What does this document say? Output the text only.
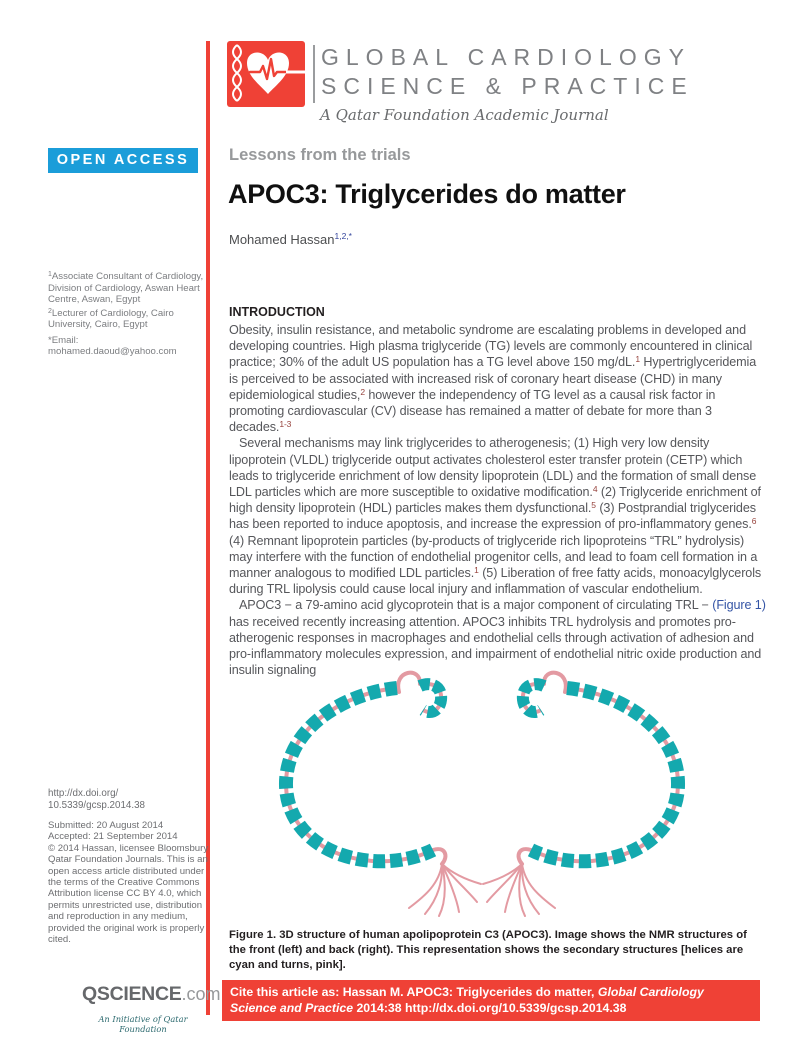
GLOBAL CARDIOLOGY
SCIENCE & PRACTICE
A Qatar Foundation Academic Journal
OPEN ACCESS
$^1$Associate Consultant of Cardiology, Division of Cardiology, Aswan Heart Centre, Aswan, Egypt
$^2$Lecturer of Cardiology, Cairo University, Cairo, Egypt
*Email: mohamed.daoud@yahoo.com
http://dx.doi.org/
10.5339/gcsp.2014.38
Submitted: 20 August 2014
Accepted: 21 September 2014
© 2014 Hassan, licensee Bloomsbury Qatar Foundation Journals. This is an open access article distributed under the terms of the Creative Commons Attribution license CC BY 4.0, which permits unrestricted use, distribution and reproduction in any medium, provided the original work is properly cited.
QSCIENCE.com
An Initiative of Qatar Foundation
Lessons from the trials
APOC3: Triglycerides do matter
Mohamed Hassan$^{1,2,*}$
INTRODUCTION

Obesity, insulin resistance, and metabolic syndrome are escalating problems in developed and developing countries. High plasma triglyceride (TG) levels are commonly encountered in clinical practice; 30% of the adult US population has a TG level above 150 mg/dL.$^1$ Hypertriglyceridemia is perceived to be associated with increased risk of coronary heart disease (CHD) in many epidemiological studies,$^2$ however the independency of TG level as a causal risk factor in promoting cardiovascular (CV) disease has remained a matter of debate for more than 3 decades.$^{1-3}$

Several mechanisms may link triglycerides to atherogenesis; (1) High very low density lipoprotein (VLDL) triglyceride output activates cholesterol ester transfer protein (CETP) which leads to triglyceride enrichment of low density lipoprotein (LDL) and the formation of small dense LDL particles which are more susceptible to oxidative modification.$^4$ (2) Triglyceride enrichment of high density lipoprotein (HDL) particles makes them dysfunctional.$^5$ (3) Postprandial triglycerides has been reported to induce apoptosis, and increase the expression of pro-inflammatory genes.$^6$ (4) Remnant lipoprotein particles (by-products of triglyceride rich lipoproteins “TRL” hydrolysis) may interfere with the function of endothelial progenitor cells, and lead to foam cell formation in a manner analogous to modified LDL particles.$^1$ (5) Liberation of free fatty acids, monoacylglycerols during TRL lipolysis could cause local injury and inflammation of vascular endothelium.

APOC3 − a 79-amino acid glycoprotein that is a major component of circulating TRL − (Figure 1) has received recently increasing attention. APOC3 inhibits TRL hydrolysis and promotes pro-atherogenic responses in macrophages and endothelial cells through activation of adhesion and pro-inflammatory molecules expression, and impairment of endothelial nitric oxide production and insulin signaling

Figure 1. 3D structure of human apolipoprotein C3 (APOC3). Image shows the NMR structures of the front (left) and back (right). This representation shows the secondary structures [helices are cyan and turns, pink].
Cite this article as: Hassan M. APOC3: Triglycerides do matter, Global Cardiology Science and Practice 2014:38 http://dx.doi.org/10.5339/gcsp.2014.38
